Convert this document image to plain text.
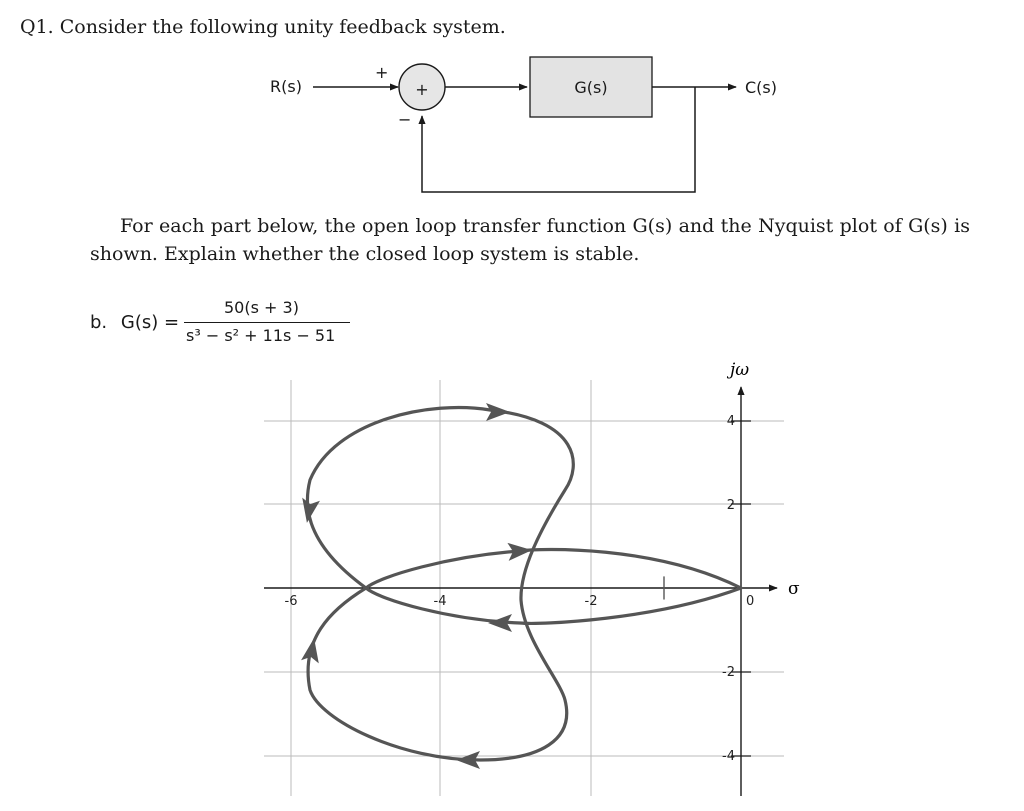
Q1. Consider the following unity feedback system.
R(s)
+
+
−
G(s)	C(s)

For each part below, the open loop transfer function G(s) and the Nyquist plot of G(s) is shown. Explain whether the closed loop system is stable.

b. G(s) =
50(s + 3)
s³ − s² + 11s − 51
σ
jω
-6	-4	-2	0
4
2
-2
-4
